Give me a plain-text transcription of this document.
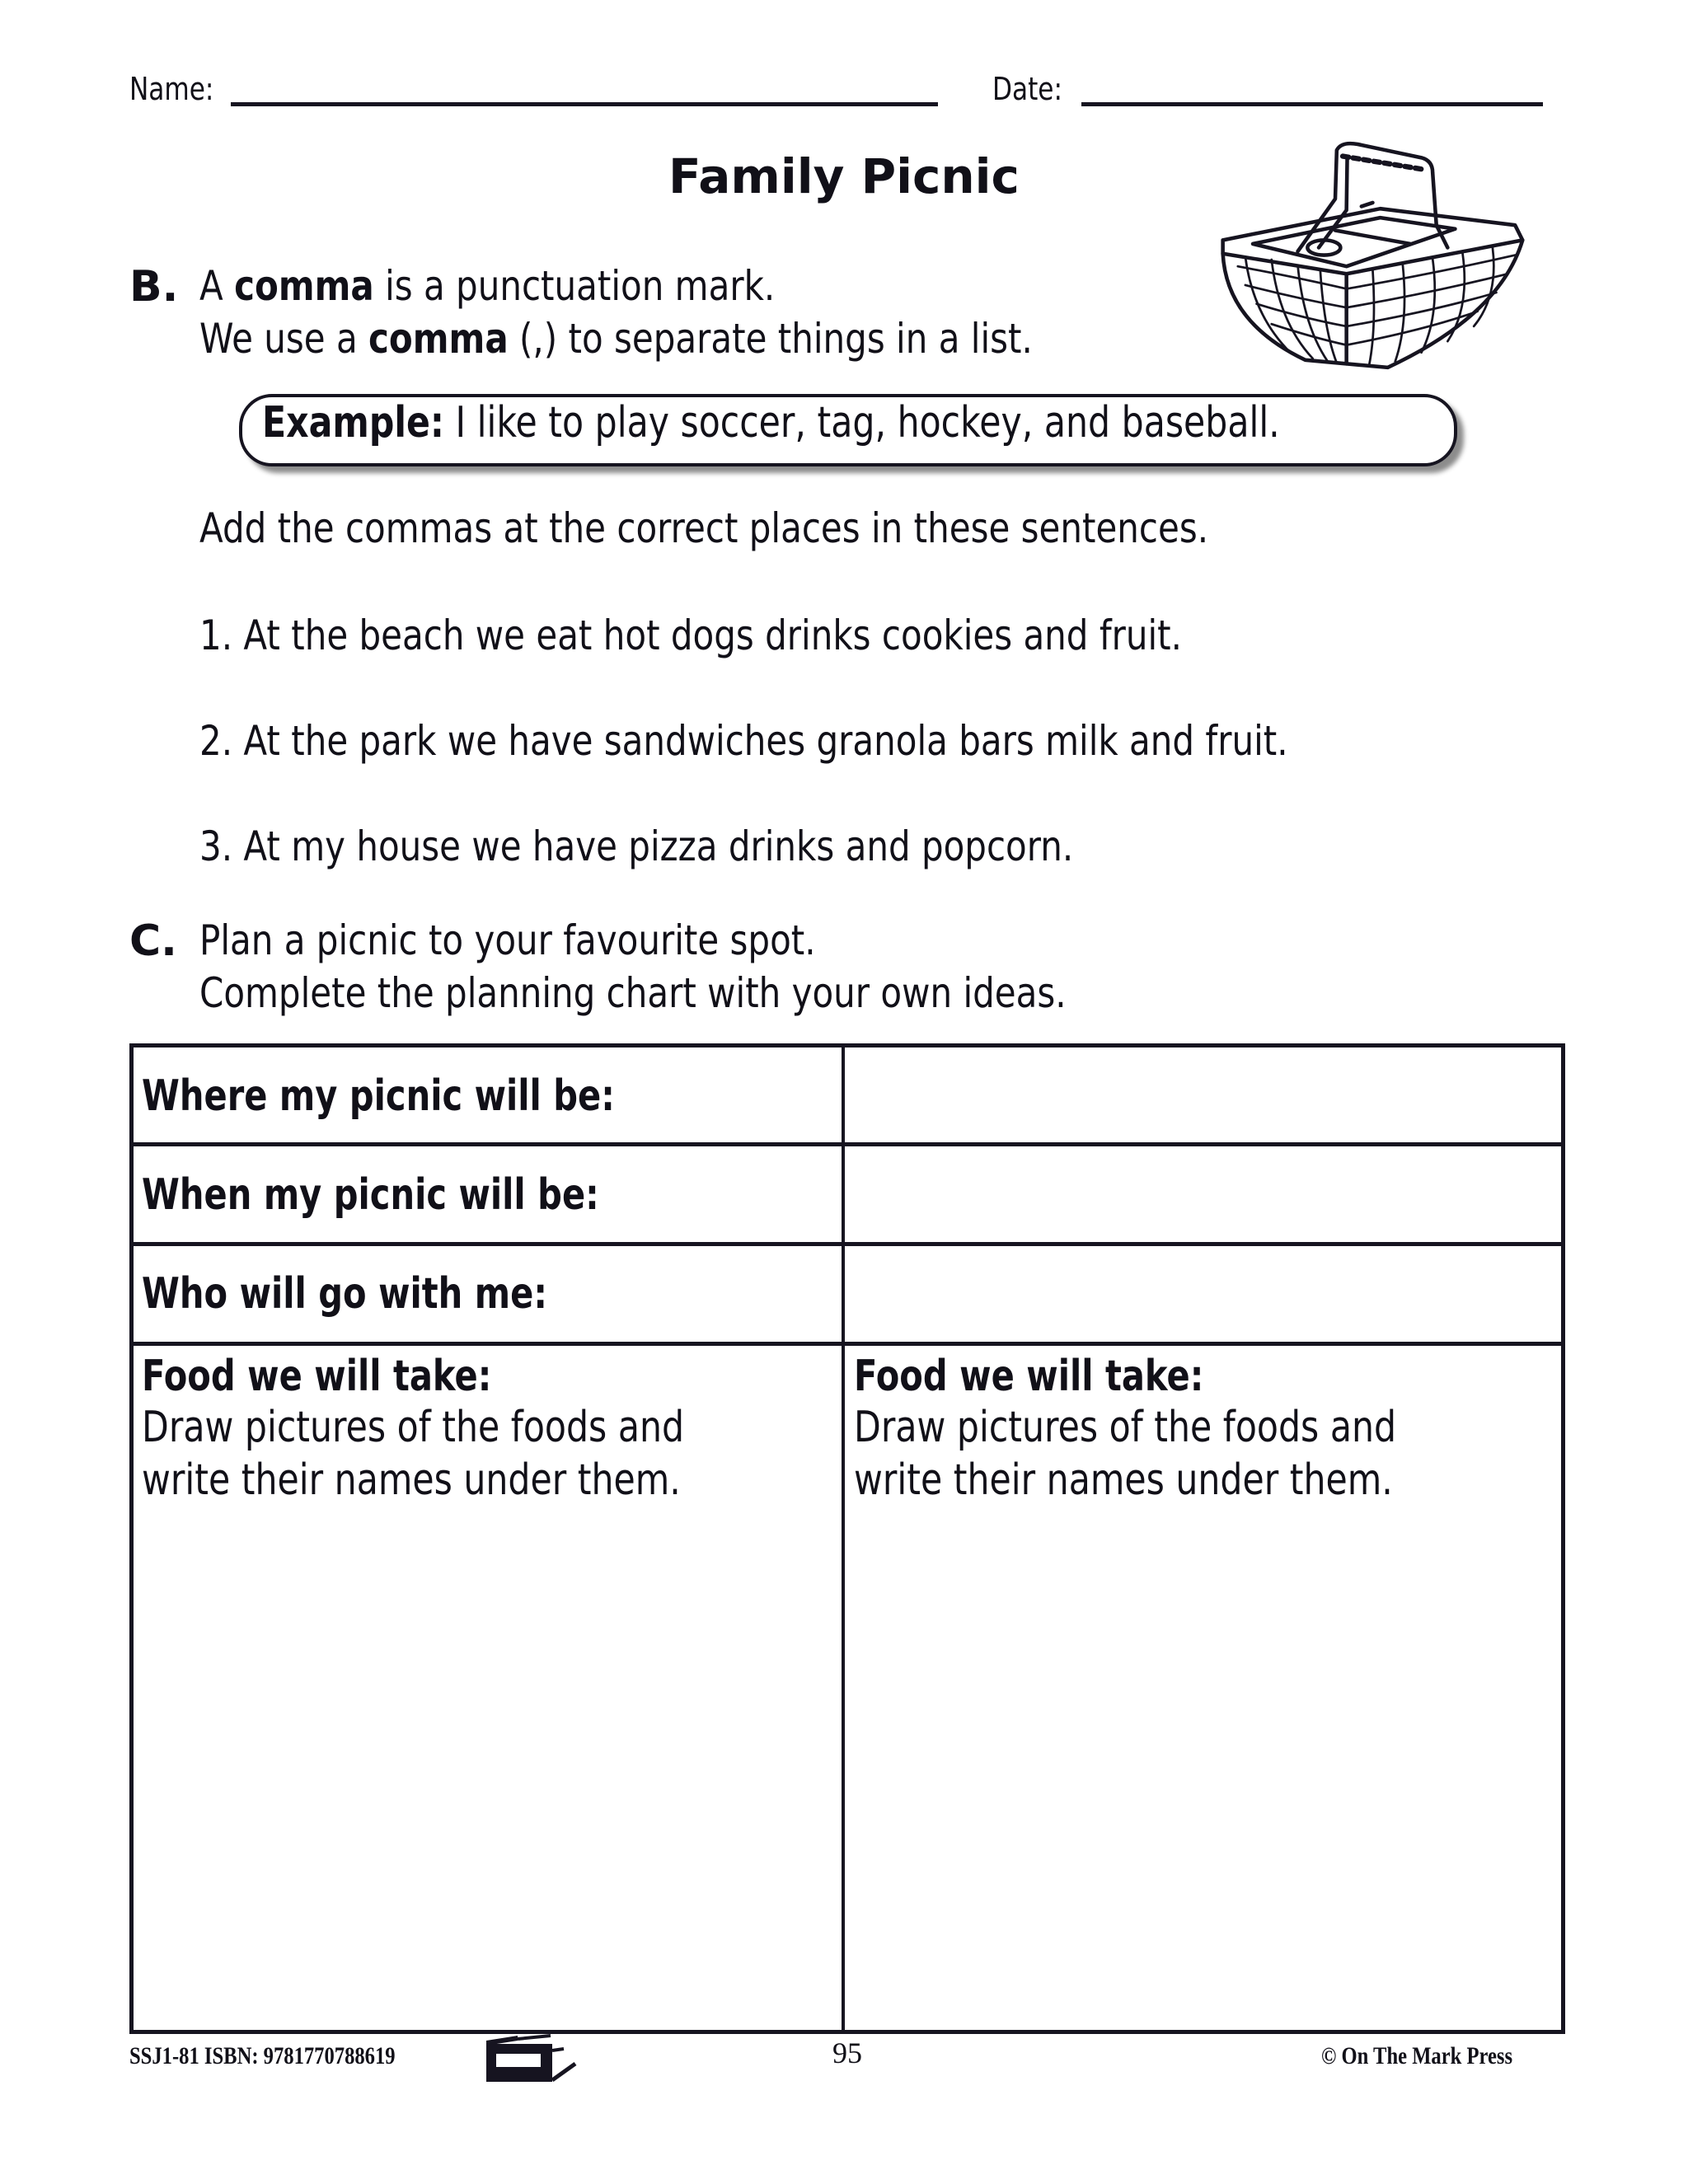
Name:	Date:
Family Picnic
B. A comma is a punctuation mark.
We use a comma (,) to separate things in a list.
Example: I like to play soccer, tag, hockey, and baseball.
Add the commas at the correct places in these sentences.
1. At the beach we eat hot dogs drinks cookies and fruit.
2. At the park we have sandwiches granola bars milk and fruit.
3. At my house we have pizza drinks and popcorn.
C. Plan a picnic to your favourite spot.
Complete the planning chart with your own ideas.
Where my picnic will be:
When my picnic will be:
Who will go with me:
Food we will take:
Draw pictures of the foods and
write their names under them.
Food we will take:
Draw pictures of the foods and
write their names under them.
SSJ1-81 ISBN: 9781770788619	95	© On The Mark Press
